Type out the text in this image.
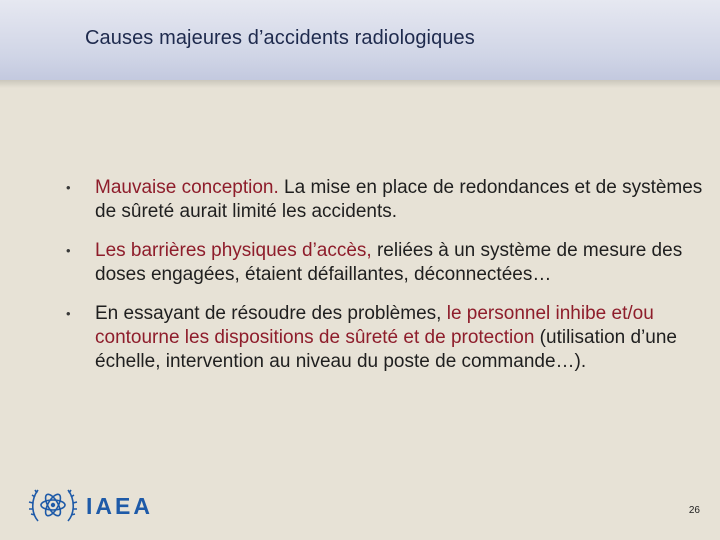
Causes majeures d’accidents radiologiques
• Mauvaise conception. La mise en place de redondances et de systèmes de sûreté aurait limité les accidents.
• Les barrières physiques d’accès, reliées à un système de mesure des doses engagées, étaient défaillantes, déconnectées…
• En essayant de résoudre des problèmes, le personnel inhibe et/ou contourne les dispositions de sûreté et de protection (utilisation d’une échelle, intervention au niveau du poste de commande…).
IAEA	26
